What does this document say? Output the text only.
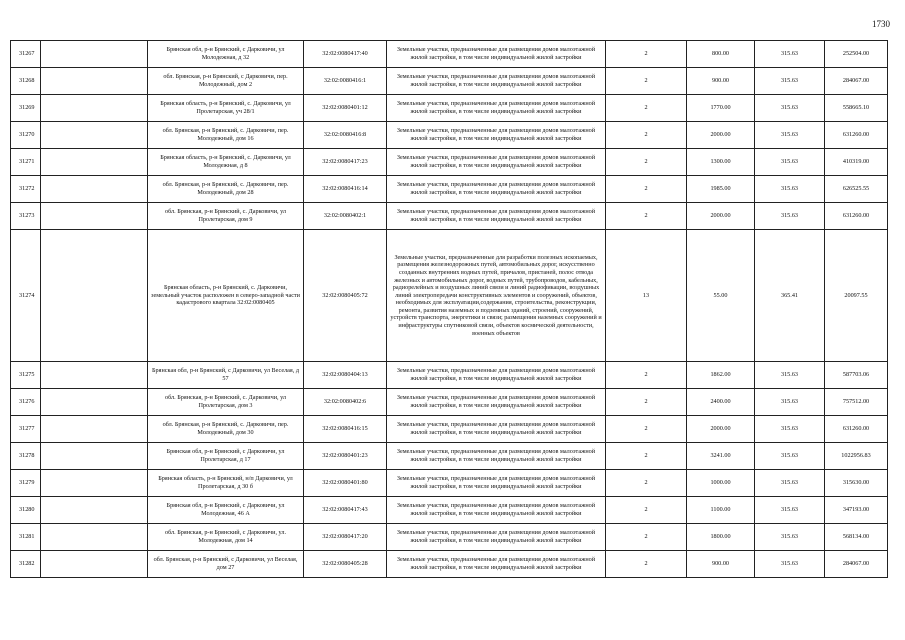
1730
31267		Брянская обл, р-н Брянский, с Дарковичи, ул Молодежная, д 32	32:02:0080417:40	Земельные участки, предназначенные для размещения домов малоэтажной жилой застройки, в том числе индивидуальной жилой застройки	2	800.00	315.63	252504.00
31268		обл. Брянская, р-н Брянский, с Дарковичи, пер. Молодежный, дом 2	32:02:0080416:1	Земельные участки, предназначенные для размещения домов малоэтажной жилой застройки, в том числе индивидуальной жилой застройки	2	900.00	315.63	284067.00
31269		Брянская область, р-н Брянский, с. Дарковичи, ул Пролетарская, уч 28/1	32:02:0080401:12	Земельные участки, предназначенные для размещения домов малоэтажной жилой застройки, в том числе индивидуальной жилой застройки	2	1770.00	315.63	558665.10
31270		обл. Брянская, р-н Брянский, с. Дарковичи, пер. Молодежный, дом 16	32:02:0080416:8	Земельные участки, предназначенные для размещения домов малоэтажной жилой застройки, в том числе индивидуальной жилой застройки	2	2000.00	315.63	631260.00
31271		Брянская область, р-н Брянский, с. Дарковичи, ул Молодежная, д 8	32:02:0080417:23	Земельные участки, предназначенные для размещения домов малоэтажной жилой застройки, в том числе индивидуальной жилой застройки	2	1300.00	315.63	410319.00
31272		обл. Брянская, р-н Брянский, с. Дарковичи, пер. Молодежный, дом 28	32:02:0080416:14	Земельные участки, предназначенные для размещения домов малоэтажной жилой застройки, в том числе индивидуальной жилой застройки	2	1985.00	315.63	626525.55
31273		обл. Брянская, р-н Брянский, с. Дарковичи, ул Пролетарская, дом 9	32:02:0080402:1	Земельные участки, предназначенные для размещения домов малоэтажной жилой застройки, в том числе индивидуальной жилой застройки	2	2000.00	315.63	631260.00
31274		Брянская область, р-н Брянский, с. Дарковичи, земельный участок расположен в северо-западной части кадастрового квартала 32:02:0080405	32:02:0080405:72	Земельные участки, предназначенные для разработки полезных ископаемых, размещения железнодорожных путей, автомобильных дорог, искусственно созданных внутренних водных путей, причалов, пристаней, полос отвода железных и автомобильных дорог, водных путей, трубопроводов, кабельных, радиорелейных и воздушных линий связи и линий радиофикации, воздушных линий электропередачи конструктивных элементов и сооружений, объектов, необходимых для эксплуатации,содержания, строительства, реконструкции, ремонта, развития наземных и подземных зданий, строений, сооружений, устройств транспорта, энергетики и связи; размещения наземных сооружений и инфраструктуры спутниковой связи, объектов космической деятельности, военных объектов	13	55.00	365.41	20097.55
31275		Брянская обл, р-н Брянский, с Дарковичи, ул Веселая, д 57	32:02:0080404:13	Земельные участки, предназначенные для размещения домов малоэтажной жилой застройки, в том числе индивидуальной жилой застройки	2	1862.00	315.63	587703.06
31276		обл. Брянская, р-н Брянский, с. Дарковичи, ул Пролетарская, дом 3	32:02:0080402:6	Земельные участки, предназначенные для размещения домов малоэтажной жилой застройки, в том числе индивидуальной жилой застройки	2	2400.00	315.63	757512.00
31277		обл. Брянская, р-н Брянский, с. Дарковичи, пер. Молодежный, дом 30	32:02:0080416:15	Земельные участки, предназначенные для размещения домов малоэтажной жилой застройки, в том числе индивидуальной жилой застройки	2	2000.00	315.63	631260.00
31278		Брянская обл, р-н Брянский, с Дарковичи, ул Пролетарская, д 17	32:02:0080401:23	Земельные участки, предназначенные для размещения домов малоэтажной жилой застройки, в том числе индивидуальной жилой застройки	2	3241.00	315.63	1022956.83
31279		Брянская область, р-н Брянский, н/п Дарковичи, ул Пролетарская, д 30 б	32:02:0080401:80	Земельные участки, предназначенные для размещения домов малоэтажной жилой застройки, в том числе индивидуальной жилой застройки	2	1000.00	315.63	315630.00
31280		Брянская обл, р-н Брянский, с Дарковичи, ул Молодежная, 46 А	32:02:0080417:43	Земельные участки, предназначенные для размещения домов малоэтажной жилой застройки, в том числе индивидуальной жилой застройки	2	1100.00	315.63	347193.00
31281		обл. Брянская, р-н Брянский, с Дарковичи, ул. Молодежная, дом 14	32:02:0080417:20	Земельные участки, предназначенные для размещения домов малоэтажной жилой застройки, в том числе индивидуальной жилой застройки	2	1800.00	315.63	568134.00
31282		обл. Брянская, р-н Брянский, с Дарковичи, ул Веселая, дом 27	32:02:0080405:28	Земельные участки, предназначенные для размещения домов малоэтажной жилой застройки, в том числе индивидуальной жилой застройки	2	900.00	315.63	284067.00
